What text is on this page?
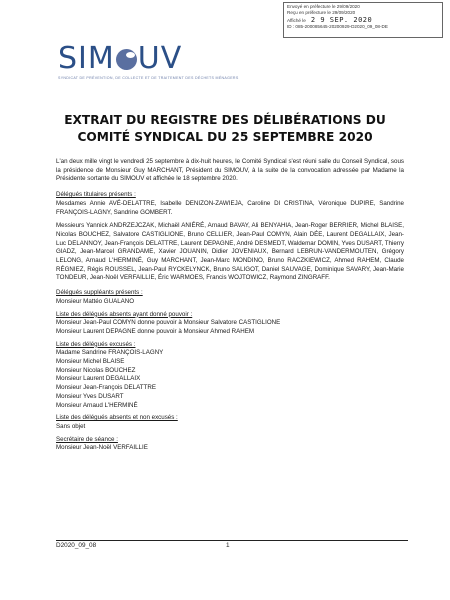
Envoyé en préfecture le 29/09/2020
Reçu en préfecture le 29/09/2020
Affiché le 2 9 SEP. 2020
ID : 085-200085645-20200929-D2020_09_08-DE
SIM UV
SYNDICAT DE PRÉVENTION, DE COLLECTE ET DE TRAITEMENT DES DÉCHETS MÉNAGERS
EXTRAIT DU REGISTRE DES DÉLIBÉRATIONS DU
COMITÉ SYNDICAL DU 25 SEPTEMBRE 2020
L'an deux mille vingt le vendredi 25 septembre à dix-huit heures, le Comité Syndical s'est réuni salle du Conseil Syndical, sous la présidence de Monsieur Guy MARCHANT, Président du SIMOUV, à la suite de la convocation adressée par Madame la Présidente sortante du SIMOUV et affichée le 18 septembre 2020.
Délégués titulaires présents :
Mesdames Annie AVÉ-DELATTRE, Isabelle DENIZON-ZAWIEJA, Caroline DI CRISTINA, Véronique DUPIRE, Sandrine FRANÇOIS-LAGNY, Sandrine GOMBERT.
Messieurs Yannick ANDRZEJCZAK, Michaël ANIÉRÉ, Arnaud BAVAY, Ali BENYAHIA, Jean-Roger BERRIER, Michel BLAISE, Nicolas BOUCHEZ, Salvatore CASTIGLIONE, Bruno CELLIER, Jean-Paul COMYN, Alain DÉE, Laurent DEGALLAIX, Jean-Luc DELANNOY, Jean-François DELATTRE, Laurent DEPAGNE, André DESMEDT, Waldemar DOMIN, Yves DUSART, Thierry GIADZ, Jean-Marcel GRANDAME, Xavier JOUANIN, Didier JOVENIAUX, Bernard LEBRUN-VANDERMOUTEN, Grégory LELONG, Arnaud L'HERMINÉ, Guy MARCHANT, Jean-Marc MONDINO, Bruno RACZKIEWICZ, Ahmed RAHEM, Claude RÉGNIEZ, Régis ROUSSEL, Jean-Paul RYCKELYNCK, Bruno SALIGOT, Daniel SAUVAGE, Dominique SAVARY, Jean-Marie TONDEUR, Jean-Noël VERFAILLIE, Éric WARMOES, Francis WOJTOWICZ, Raymond ZINGRAFF.
Délégués suppléants présents :
Monsieur Mattéo GUALANO
Liste des délégués absents ayant donné pouvoir :
Monsieur Jean-Paul COMYN donne pouvoir à Monsieur Salvatore CASTIGLIONE
Monsieur Laurent DEPAGNE donne pouvoir à Monsieur Ahmed RAHEM
Liste des délégués excusés :
Madame Sandrine FRANÇOIS-LAGNY
Monsieur Michel BLAISE
Monsieur Nicolas BOUCHEZ
Monsieur Laurent DEGALLAIX
Monsieur Jean-François DELATTRE
Monsieur Yves DUSART
Monsieur Arnaud L'HERMINÉ
Liste des délégués absents et non excusés :
Sans objet
Secrétaire de séance :
Monsieur Jean-Noël VERFAILLIE
D2020_09_08	1
